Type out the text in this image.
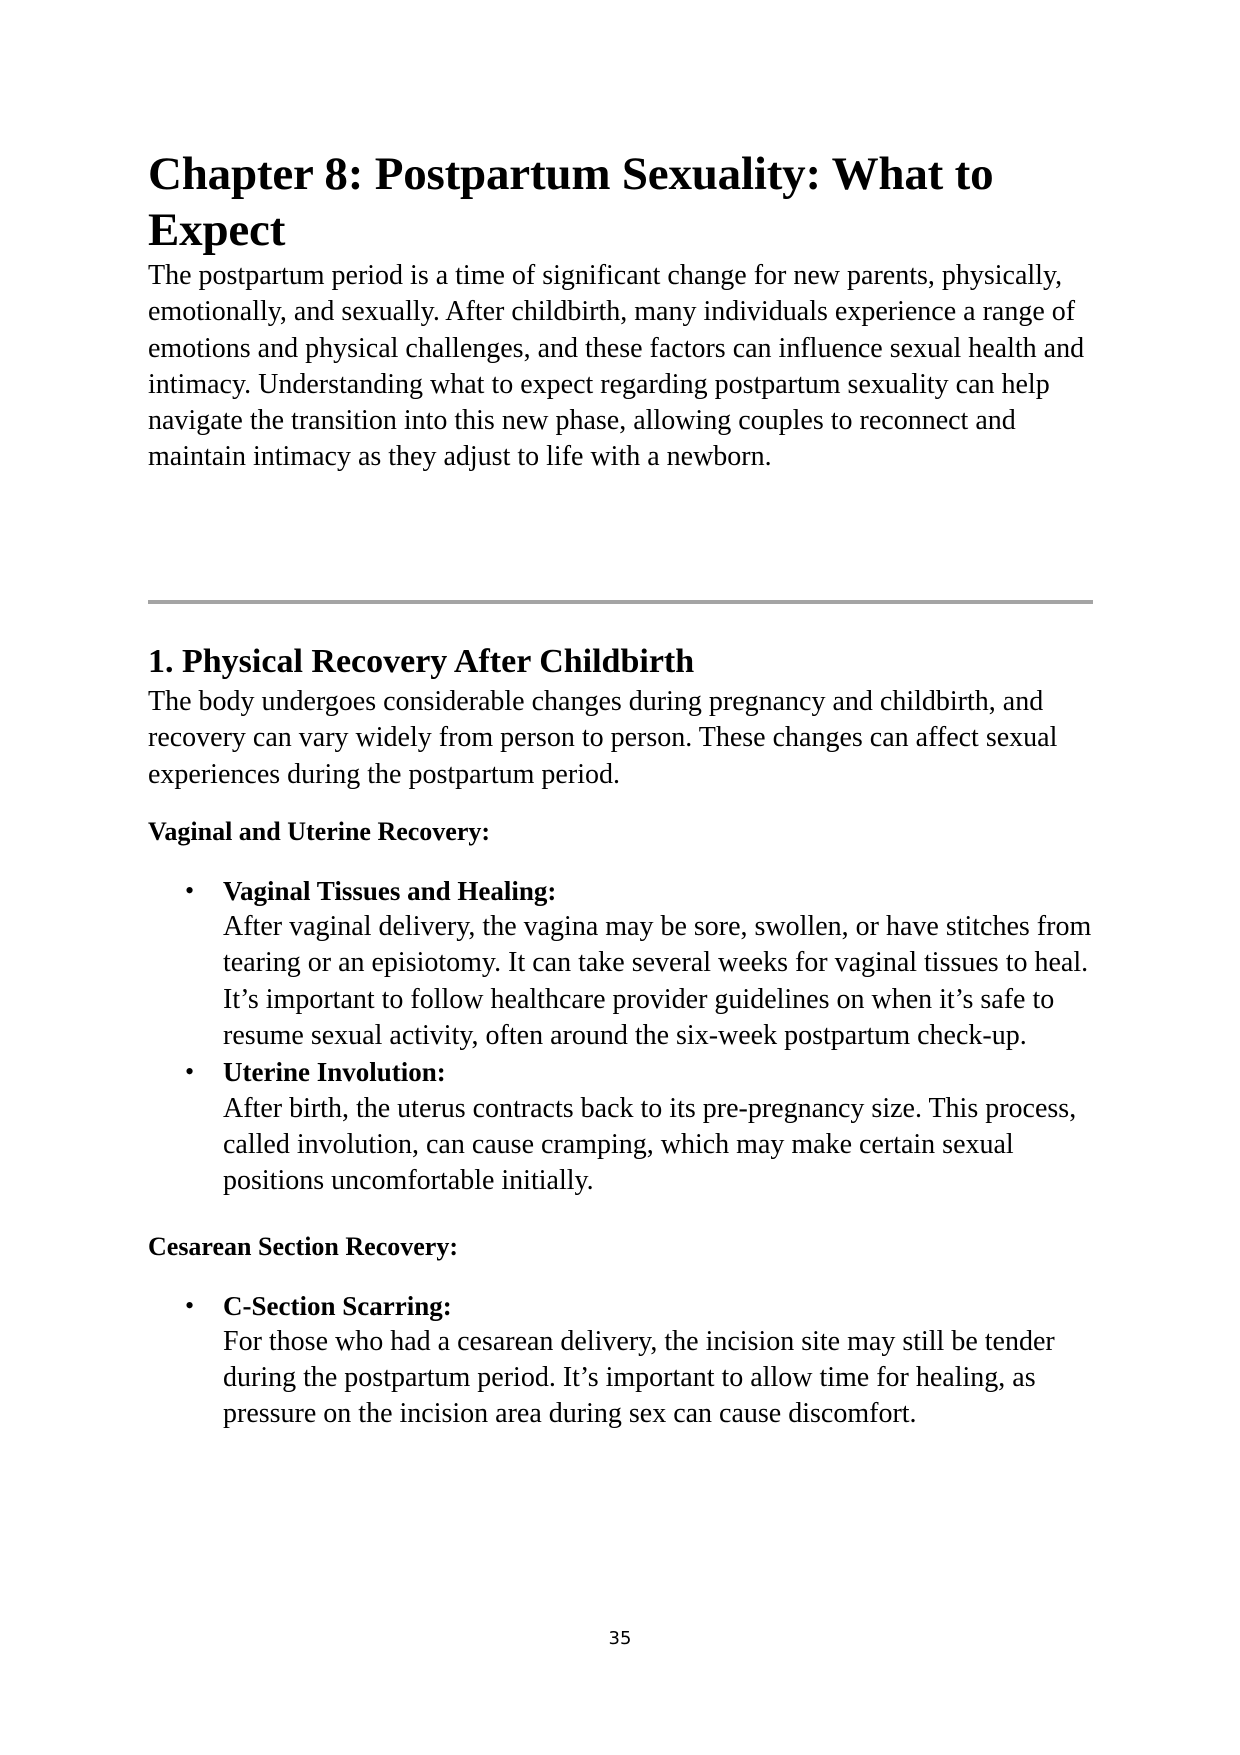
Chapter 8: Postpartum Sexuality: What to Expect

The postpartum period is a time of significant change for new parents, physically, emotionally, and sexually. After childbirth, many individuals experience a range of emotions and physical challenges, and these factors can influence sexual health and intimacy. Understanding what to expect regarding postpartum sexuality can help navigate the transition into this new phase, allowing couples to reconnect and maintain intimacy as they adjust to life with a newborn.

1. Physical Recovery After Childbirth

The body undergoes considerable changes during pregnancy and childbirth, and recovery can vary widely from person to person. These changes can affect sexual experiences during the postpartum period.

Vaginal and Uterine Recovery:
• Vaginal Tissues and Healing:
After vaginal delivery, the vagina may be sore, swollen, or have stitches from tearing or an episiotomy. It can take several weeks for vaginal tissues to heal. It’s important to follow healthcare provider guidelines on when it’s safe to resume sexual activity, often around the six-week postpartum check-up.
• Uterine Involution:
After birth, the uterus contracts back to its pre-pregnancy size. This process, called involution, can cause cramping, which may make certain sexual positions uncomfortable initially.
Cesarean Section Recovery:
• C-Section Scarring:
For those who had a cesarean delivery, the incision site may still be tender during the postpartum period. It’s important to allow time for healing, as pressure on the incision area during sex can cause discomfort.
35
